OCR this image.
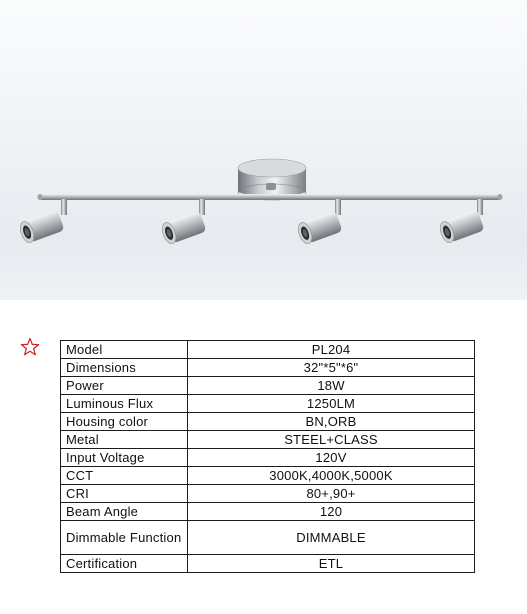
Model	PL204
Dimensions	32"*5"*6"
Power	18W
Luminous Flux	1250LM
Housing color	BN,ORB
Metal	STEEL+CLASS
Input Voltage	120V
CCT	3000K,4000K,5000K
CRI	80+,90+
Beam Angle	120
Dimmable Function	DIMMABLE
Certification	ETL
